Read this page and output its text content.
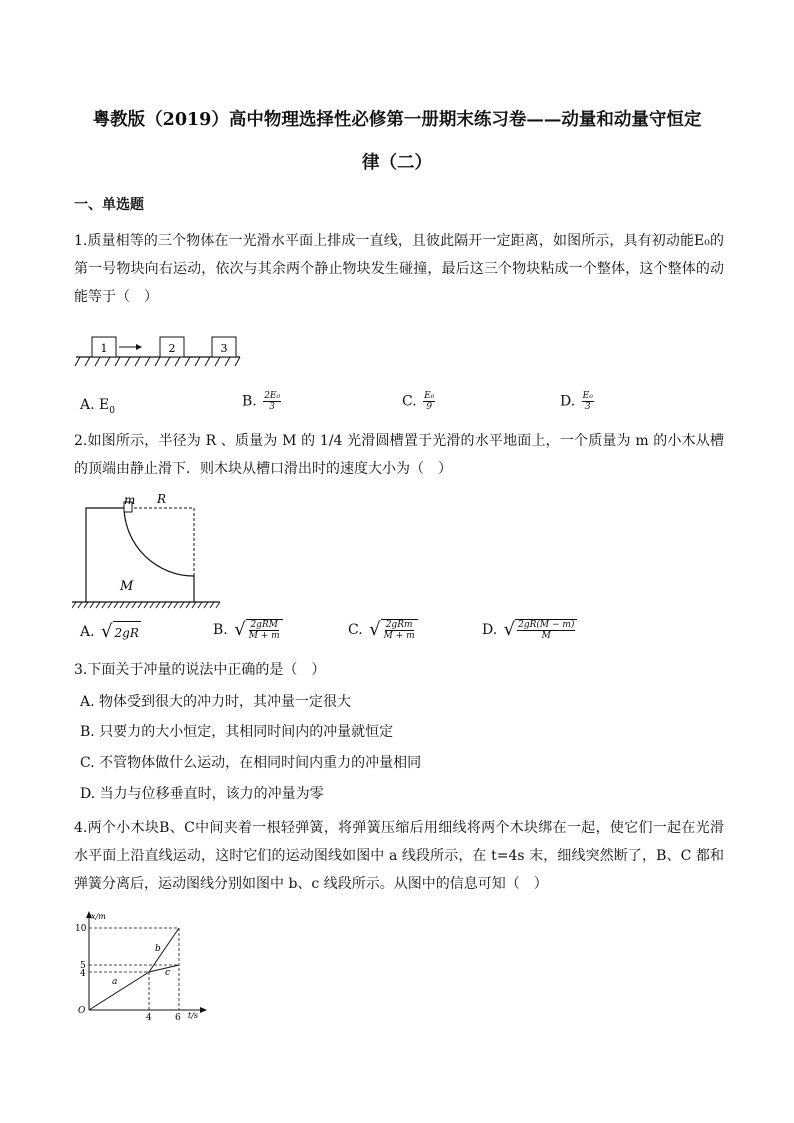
粤教版（2019）高中物理选择性必修第一册期末练习卷——动量和动量守恒定
律（二）
一、单选题
1.质量相等的三个物体在一光滑水平面上排成一直线，且彼此隔开一定距离，如图所示，具有初动能E₀的第一号物块向右运动，依次与其余两个静止物块发生碰撞，最后这三个物块粘成一个整体，这个整体的动能等于（　）
1	2	3
A. $E_0$
B. $\frac{\text{2E₀}}{3}$	C. $\frac{\text{E₀}}{9}$	D. $\frac{\text{E₀}}{3}$
2.如图所示，半径为 R 、质量为 M 的 1/4 光滑圆槽置于光滑的水平地面上，一个质量为 m 的小木从槽的顶端由静止滑下．则木块从槽口滑出时的速度大小为（　）
m R
M
A. √ 2gR	B. √ $\frac{\text{2gRM}}{M + m}$	C. √ $\frac{\text{2gRm}}{M + m}$	D. √ $\frac{2gR(M - m)}{M}$
3.下面关于冲量的说法中正确的是（　）
A. 物体受到很大的冲力时，其冲量一定很大
B. 只要力的大小恒定，其相同时间内的冲量就恒定
C. 不管物体做什么运动，在相同时间内重力的冲量相同
D. 当力与位移垂直时，该力的冲量为零
4.两个小木块B、C中间夹着一根轻弹簧，将弹簧压缩后用细线将两个木块绑在一起，使它们一起在光滑水平面上沿直线运动，这时它们的运动图线如图中 a 线段所示，在 t=4s 末，细线突然断了，B、C 都和弹簧分离后，运动图线分别如图中 b、c 线段所示。从图中的信息可知（　）
x/m
t/s
O
10
5
4
4	6
a
b
c
